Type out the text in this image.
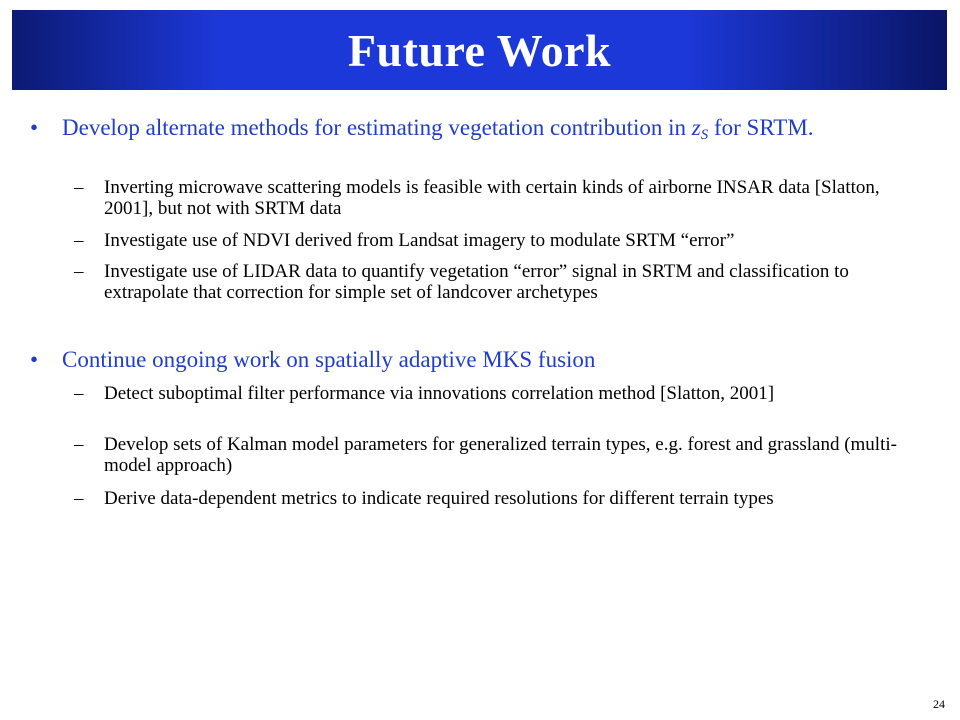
Future Work
• Develop alternate methods for estimating vegetation contribution in $z_S$ for SRTM.
– Inverting microwave scattering models is feasible with certain kinds of airborne INSAR data [Slatton, 2001], but not with SRTM data
– Investigate use of NDVI derived from Landsat imagery to modulate SRTM “error”
– Investigate use of LIDAR data to quantify vegetation “error” signal in SRTM and classification to extrapolate that correction for simple set of landcover archetypes
• Continue ongoing work on spatially adaptive MKS fusion
– Detect suboptimal filter performance via innovations correlation method [Slatton, 2001]
– Develop sets of Kalman model parameters for generalized terrain types, e.g. forest and grassland (multi-model approach)
– Derive data-dependent metrics to indicate required resolutions for different terrain types
24
